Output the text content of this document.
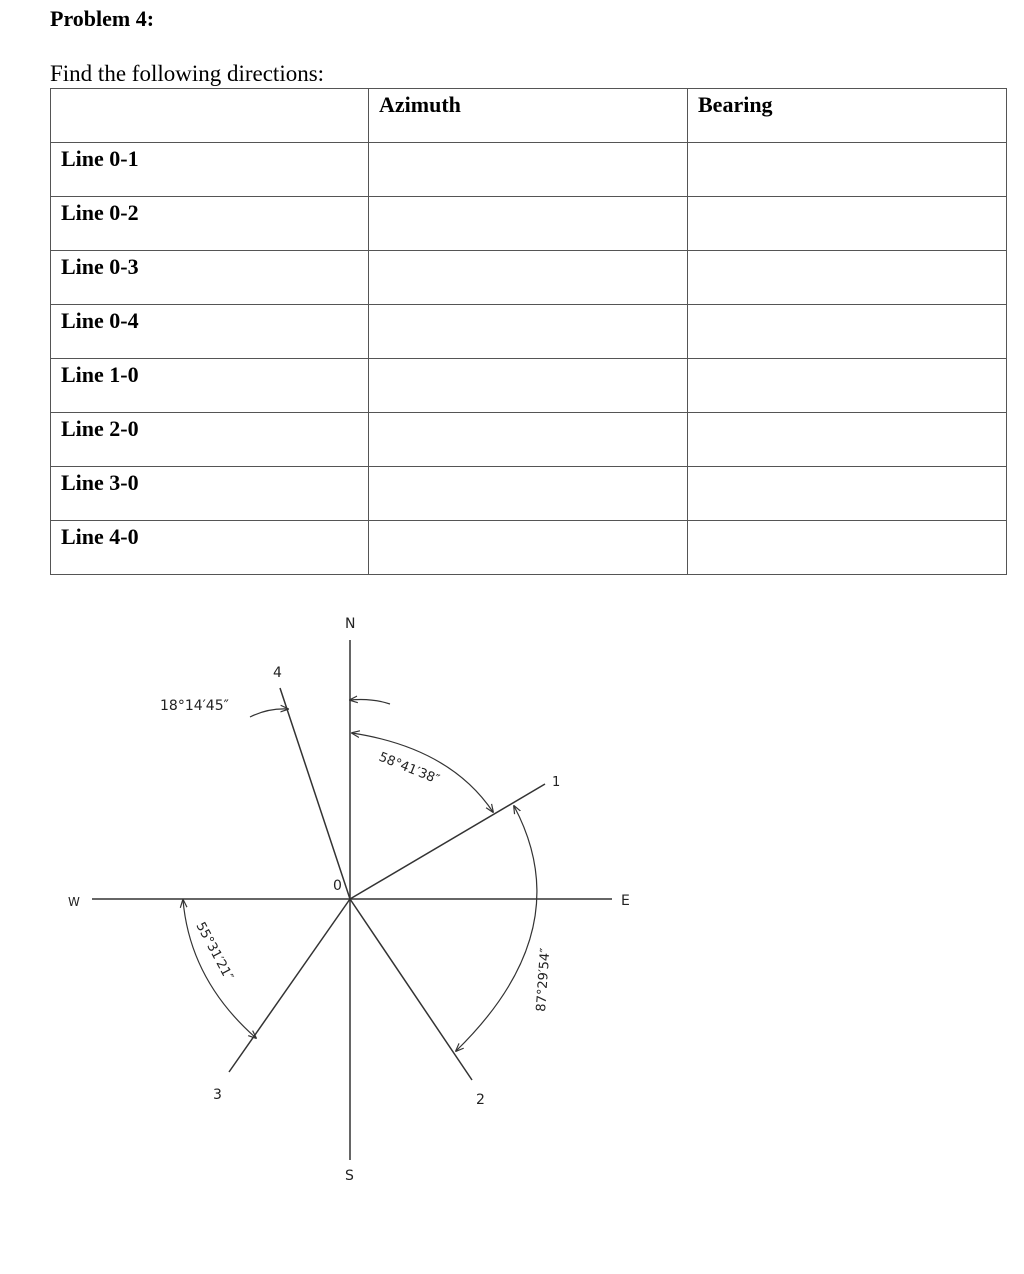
Problem 4:
Find the following directions:
	Azimuth	Bearing
Line 0-1		
Line 0-2		
Line 0-3		
Line 0-4		
Line 1-0		
Line 2-0		
Line 3-0		
Line 4-0		
N
S
E
W
0
1
2
3
4
58°41′38″
87°29′54″
55°31′21″
18°14′45″
